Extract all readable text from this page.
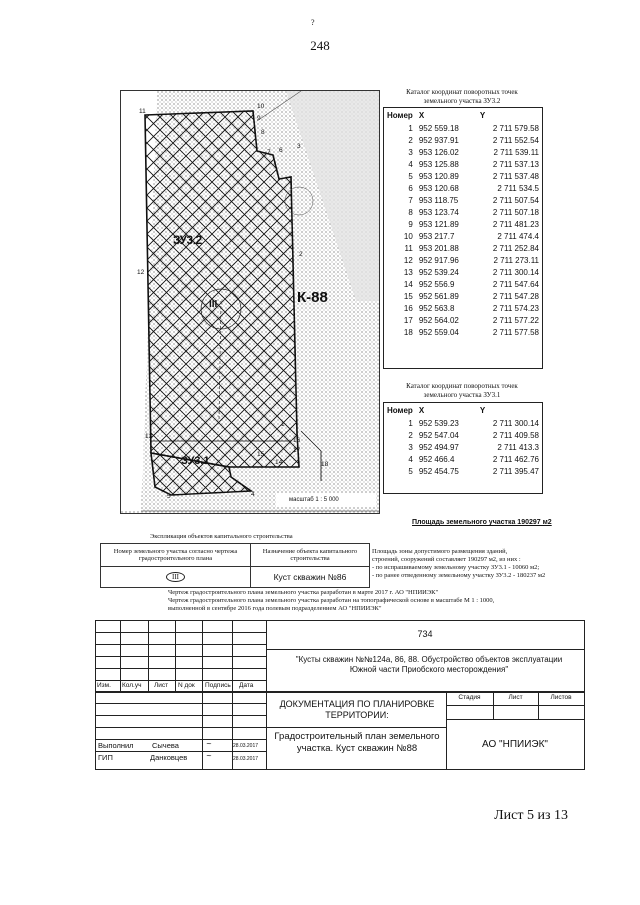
?
248
ЗУ3.2
ЗУ3.1
III	К-88
масштаб 1 : 5 000
1
2
3
4
5
6
7
8
9
10
11
12
13
14
15
16
17
18
Каталог координат поворотных точек
земельного участка ЗУ3.2
Номер	X	Y
1	952 559.18	2 711 579.58
2	952 937.91	2 711 552.54
3	953 126.02	2 711 539.11
4	953 125.88	2 711 537.13
5	953 120.89	2 711 537.48
6	953 120.68	2 711 534.5
7	953 118.75	2 711 507.54
8	953 123.74	2 711 507.18
9	953 121.89	2 711 481.23
10	953 217.7	2 711 474.4
11	953 201.88	2 711 252.84
12	952 917.96	2 711 273.11
13	952 539.24	2 711 300.14
14	952 556.9	2 711 547.64
15	952 561.89	2 711 547.28
16	952 563.8	2 711 574.23
17	952 564.02	2 711 577.22
18	952 559.04	2 711 577.58
Каталог координат поворотных точек
земельного участка ЗУ3.1
Номер	X	Y
1	952 539.23	2 711 300.14
2	952 547.04	2 711 409.58
3	952 494.97	2 711 413.3
4	952 466.4	2 711 462.76
5	952 454.75	2 711 395.47
Площадь земельного участка 190297 м2
Площадь зоны допустимого размещения зданий,
строений, сооружений составляет 190297 м2, из них :
- по испрашиваемому земельному участку ЗУ3.1 - 10060 м2;
- по ранее отведенному земельному участку ЗУ3.2 - 180237 м2
Экспликация объектов капитального строительства
Номер земельного участка согласно чертежа градостроительного плана	Назначение объекта капитального строительства
III	Куст скважин №86
Чертеж градостроительного плана земельного участка разработан в марте 2017 г. АО "НПИИЭК"
Чертеж градостроительного плана земельного участка разработан на топографической основе в масштабе М 1 : 1000,
выполненной в сентябре 2016 года полевым подразделением АО "НПИИЭК"
734
"Кусты скважин №№124а, 86, 88. Обустройство объектов эксплуатации Южной части Приобского месторождения"
Изм. Кол.уч Лист N док Подпись Дата
ДОКУМЕНТАЦИЯ ПО ПЛАНИРОВКЕ ТЕРРИТОРИИ:
Градостроительный план земельного участка. Куст скважин №88
Стадия	Лист	Листов
АО "НПИИЭК"
Выполнил Сычева	~	28.03.2017
ГИП	Данковцев	~	28.03.2017
Лист 5 из 13
